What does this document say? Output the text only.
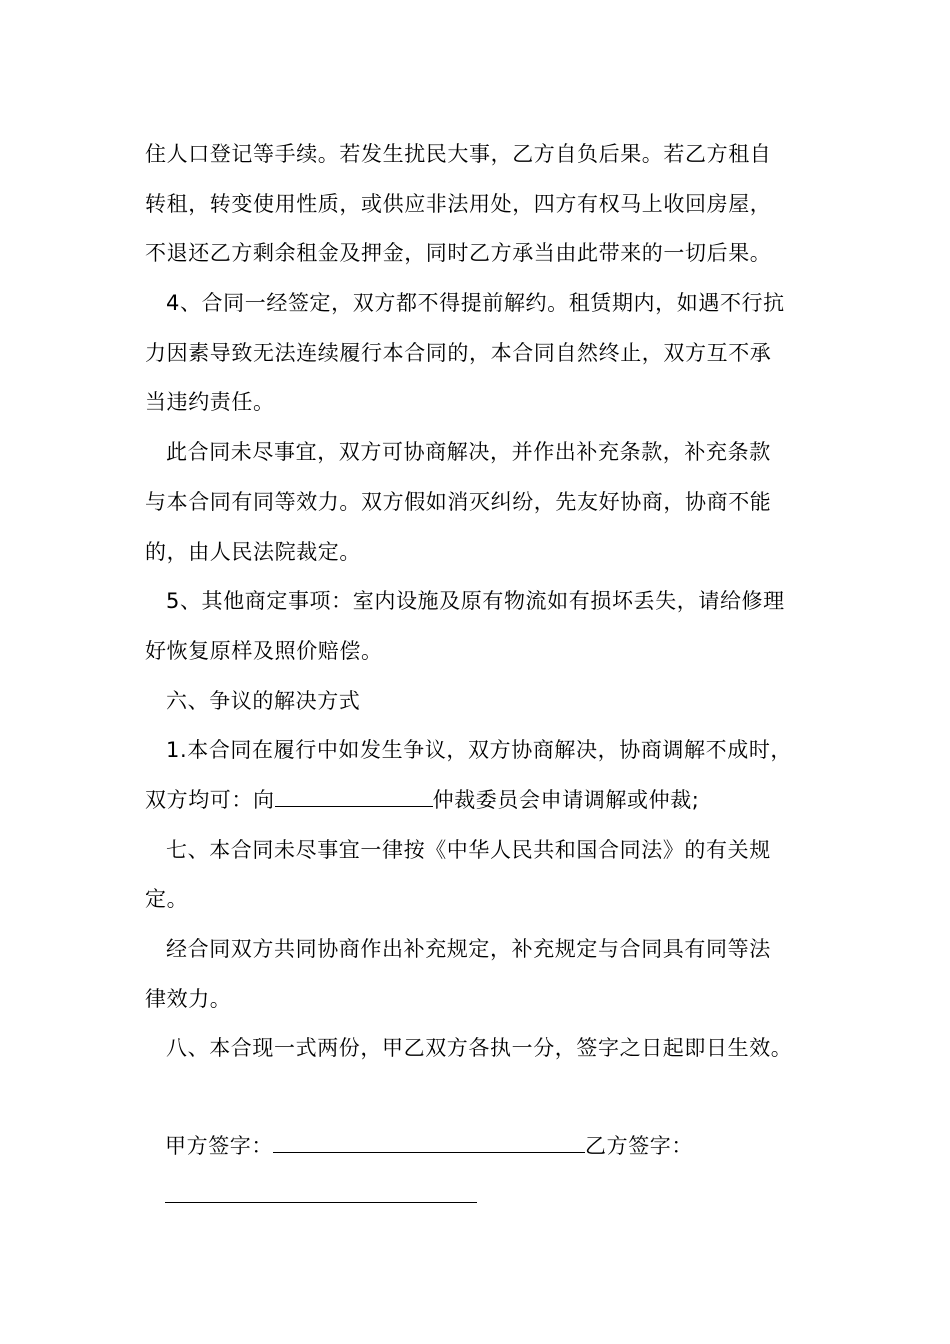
住人口登记等手续。若发生扰民大事，乙方自负后果。若乙方租自
转租，转变使用性质，或供应非法用处，四方有权马上收回房屋，
不退还乙方剩余租金及押金，同时乙方承当由此带来的一切后果。
4、合同一经签定，双方都不得提前解约。租赁期内，如遇不行抗
力因素导致无法连续履行本合同的，本合同自然终止，双方互不承
当违约责任。
此合同未尽事宜，双方可协商解决，并作出补充条款，补充条款
与本合同有同等效力。双方假如消灭纠纷，先友好协商，协商不能
的，由人民法院裁定。
5、其他商定事项：室内设施及原有物流如有损坏丢失，请给修理
好恢复原样及照价赔偿。
六、争议的解决方式
1.本合同在履行中如发生争议，双方协商解决，协商调解不成时，
双方均可：向	仲裁委员会申请调解或仲裁;
七、本合同未尽事宜一律按《中华人民共和国合同法》的有关规
定。
经合同双方共同协商作出补充规定，补充规定与合同具有同等法
律效力。
八、本合现一式两份，甲乙双方各执一分，签字之日起即日生效。
甲方签字：	乙方签字：
